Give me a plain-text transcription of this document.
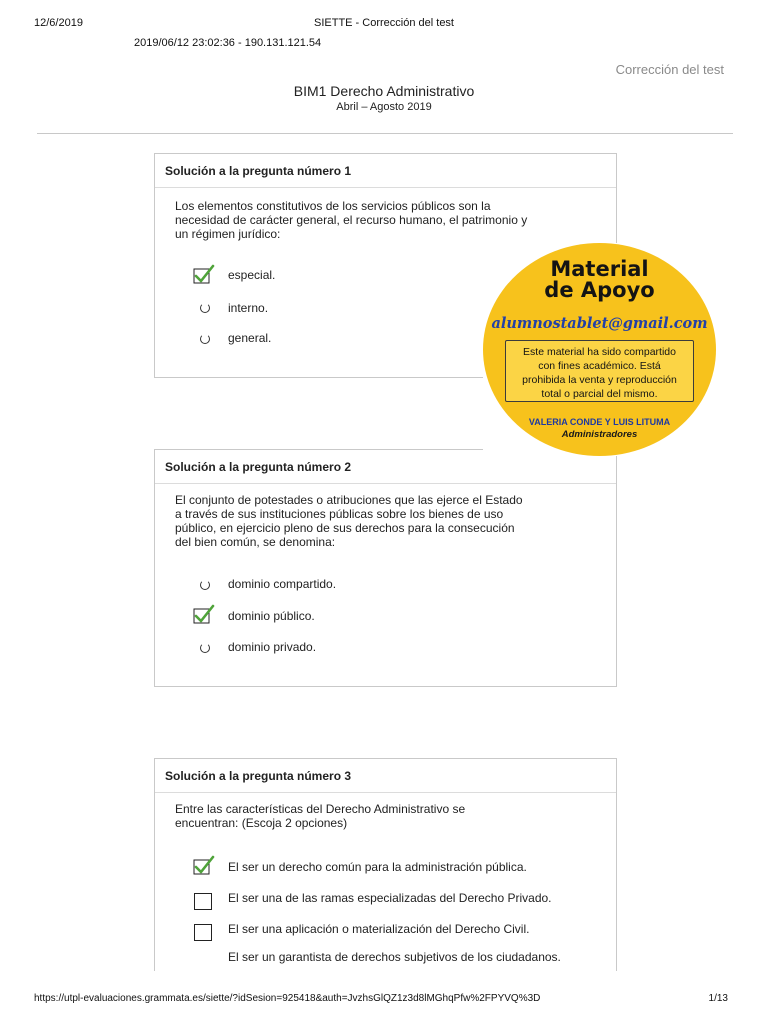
12/6/2019	SIETTE - Corrección del test
2019/06/12 23:02:36 - 190.131.121.54
Corrección del test
BIM1 Derecho Administrativo
Abril – Agosto 2019
Solución a la pregunta número 1
Los elementos constitutivos de los servicios públicos son la
necesidad de carácter general, el recurso humano, el patrimonio y
un régimen jurídico:
especial.
interno.
general.
Solución a la pregunta número 2
El conjunto de potestades o atribuciones que las ejerce el Estado
a través de sus instituciones públicas sobre los bienes de uso
público, en ejercicio pleno de sus derechos para la consecución
del bien común, se denomina:
dominio compartido.
dominio público.
dominio privado.
Solución a la pregunta número 3
Entre las características del Derecho Administrativo se
encuentran: (Escoja 2 opciones)
El ser un derecho común para la administración pública.
El ser una de las ramas especializadas del Derecho Privado.
El ser una aplicación o materialización del Derecho Civil.
El ser un garantista de derechos subjetivos de los ciudadanos.
Material
de Apoyo
alumnostablet@gmail.com
Este material ha sido compartido
con fines académico. Está
prohibida la venta y reproducción
total o parcial del mismo.
VALERIA CONDE Y LUIS LITUMA
Administradores
https://utpl-evaluaciones.grammata.es/siette/?idSesion=925418&auth=JvzhsGlQZ1z3d8lMGhqPfw%2FPYVQ%3D	1/13
